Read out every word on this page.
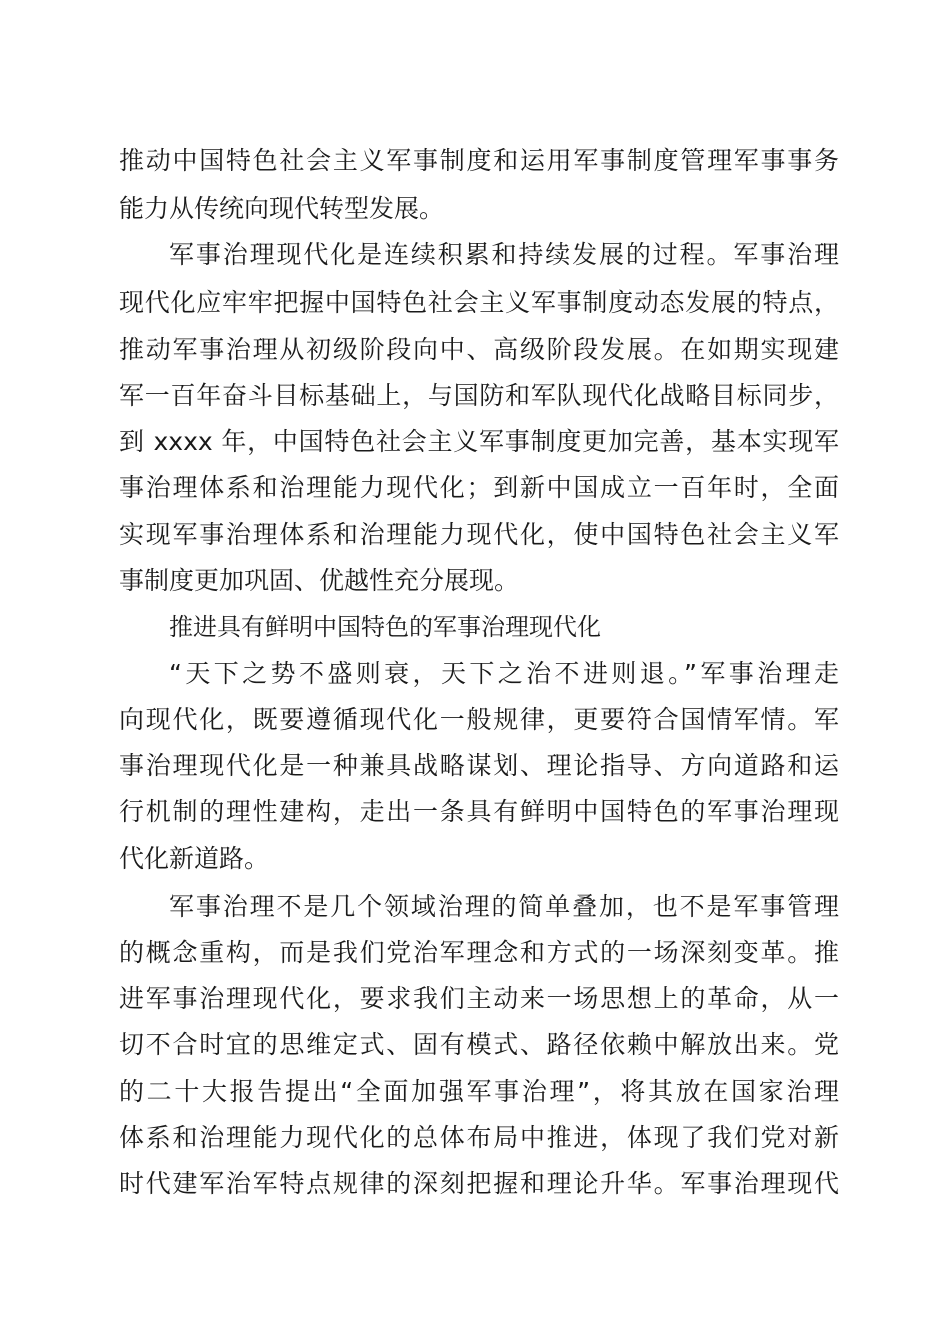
推动中国特色社会主义军事制度和运用军事制度管理军事事务
能力从传统向现代转型发展。
军事治理现代化是连续积累和持续发展的过程。军事治理
现代化应牢牢把握中国特色社会主义军事制度动态发展的特点，
推动军事治理从初级阶段向中、高级阶段发展。在如期实现建
军一百年奋斗目标基础上，与国防和军队现代化战略目标同步，
到 xxxx 年，中国特色社会主义军事制度更加完善，基本实现军
事治理体系和治理能力现代化；到新中国成立一百年时，全面
实现军事治理体系和治理能力现代化，使中国特色社会主义军
事制度更加巩固、优越性充分展现。
推进具有鲜明中国特色的军事治理现代化
“天下之势不盛则衰，天下之治不进则退。”军事治理走
向现代化，既要遵循现代化一般规律，更要符合国情军情。军
事治理现代化是一种兼具战略谋划、理论指导、方向道路和运
行机制的理性建构，走出一条具有鲜明中国特色的军事治理现
代化新道路。
军事治理不是几个领域治理的简单叠加，也不是军事管理
的概念重构，而是我们党治军理念和方式的一场深刻变革。推
进军事治理现代化，要求我们主动来一场思想上的革命，从一
切不合时宜的思维定式、固有模式、路径依赖中解放出来。党
的二十大报告提出“全面加强军事治理”，将其放在国家治理
体系和治理能力现代化的总体布局中推进，体现了我们党对新
时代建军治军特点规律的深刻把握和理论升华。军事治理现代
